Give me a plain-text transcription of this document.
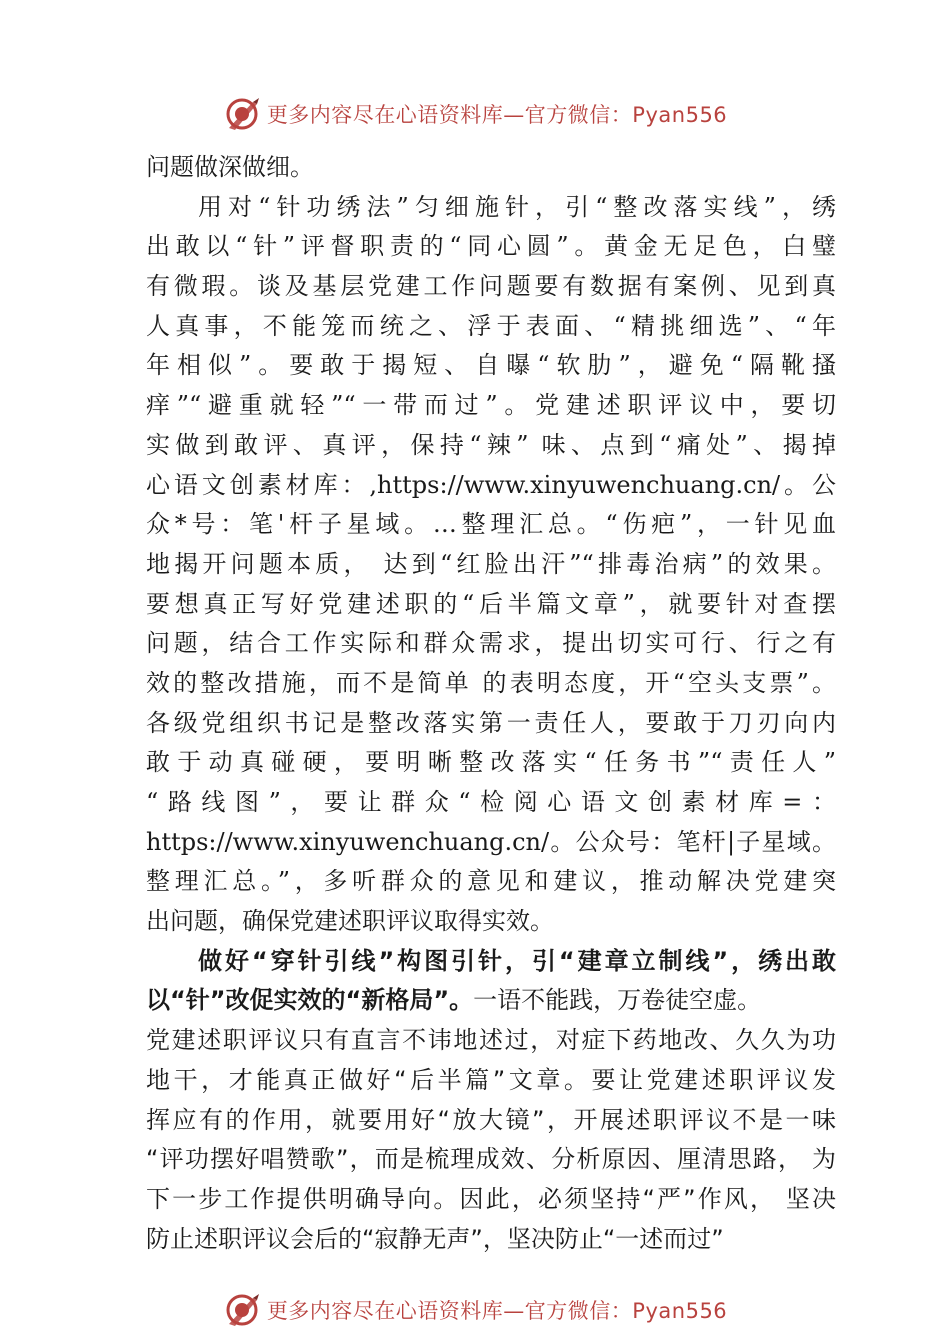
更多内容尽在心语资料库—官方微信：Pyan556
问题做深做细。
用对“针功绣法”匀细施针，引“整改落实线”，绣
出敢以“针”评督职责的“同心圆”。黄金无足色，白璧
有微瑕。谈及基层党建工作问题要有数据有案例、见到真
人真事，不能笼而统之、浮于表面、“精挑细选”、“年
年相似”。要敢于揭短、自曝“软肋”，避免“隔靴搔
痒”“避重就轻”“一带而过”。党建述职评议中，要切
实做到敢评、真评，保持“辣” 味、点到“痛处”、揭掉
心语文创素材库：,https://www.xinyuwenchuang.cn/。公
众*号：笔'杆子星域。…整理汇总。“伤疤”，一针见血
地揭开问题本质， 达到“红脸出汗”“排毒治病”的效果。
要想真正写好党建述职的“后半篇文章”，就要针对查摆
问题，结合工作实际和群众需求，提出切实可行、行之有
效的整改措施，而不是简单 的表明态度，开“空头支票”。
各级党组织书记是整改落实第一责任人，要敢于刀刃向内
敢于动真碰硬，要明晰整改落实“任务书”“责任人”
“路线图”，要让群众“检阅心语文创素材库=：
https://www.xinyuwenchuang.cn/。公众号：笔杆|子星域。
整理汇总。”，多听群众的意见和建议，推动解决党建突
出问题，确保党建述职评议取得实效。
做好“穿针引线”构图引针，引“建章立制线”，绣出敢
以“针”改促实效的“新格局”。一语不能践，万卷徒空虚。
党建述职评议只有直言不讳地述过，对症下药地改、久久为功
地干，才能真正做好“后半篇”文章。要让党建述职评议发
挥应有的作用，就要用好“放大镜”，开展述职评议不是一味
“评功摆好唱赞歌”，而是梳理成效、分析原因、厘清思路， 为
下一步工作提供明确导向。因此，必须坚持“严”作风， 坚决
防止述职评议会后的“寂静无声”，坚决防止“一述而过”
更多内容尽在心语资料库—官方微信：Pyan556
